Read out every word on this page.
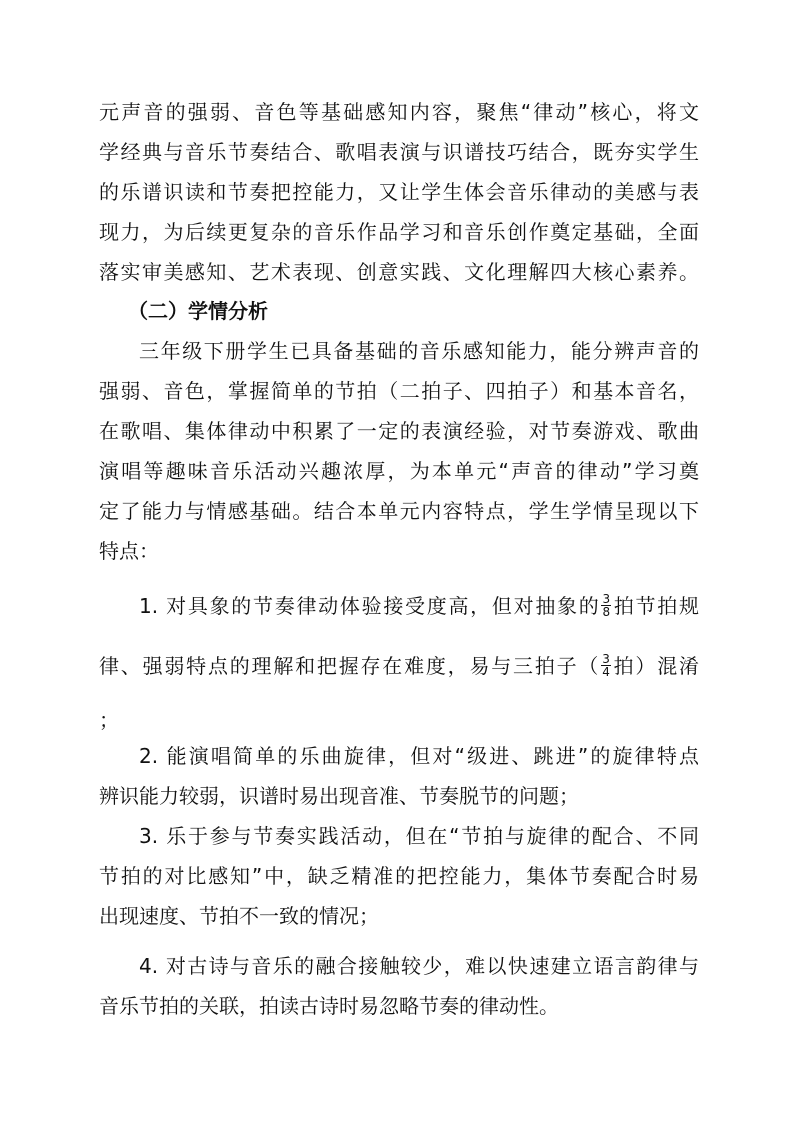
元声音的强弱、音色等基础感知内容，聚焦“律动”核心，将文
学经典与音乐节奏结合、歌唱表演与识谱技巧结合，既夯实学生
的乐谱识读和节奏把控能力，又让学生体会音乐律动的美感与表
现力，为后续更复杂的音乐作品学习和音乐创作奠定基础，全面
落实审美感知、艺术表现、创意实践、文化理解四大核心素养。
（二）学情分析
三年级下册学生已具备基础的音乐感知能力，能分辨声音的
强弱、音色，掌握简单的节拍（二拍子、四拍子）和基本音名，
在歌唱、集体律动中积累了一定的表演经验，对节奏游戏、歌曲
演唱等趣味音乐活动兴趣浓厚，为本单元“声音的律动”学习奠
定了能力与情感基础。结合本单元内容特点，学生学情呈现以下
特点：
1. 对具象的节奏律动体验接受度高，但对抽象的 $\frac{3}{8}$ 拍节拍规
律、强弱特点的理解和把握存在难度，易与三拍子（ $\frac{3}{4}$ 拍）混淆
；
2. 能演唱简单的乐曲旋律，但对“级进、跳进”的旋律特点
辨识能力较弱，识谱时易出现音准、节奏脱节的问题；
3. 乐于参与节奏实践活动，但在“节拍与旋律的配合、不同
节拍的对比感知”中，缺乏精准的把控能力，集体节奏配合时易
出现速度、节拍不一致的情况；
4. 对古诗与音乐的融合接触较少，难以快速建立语言韵律与
音乐节拍的关联，拍读古诗时易忽略节奏的律动性。
